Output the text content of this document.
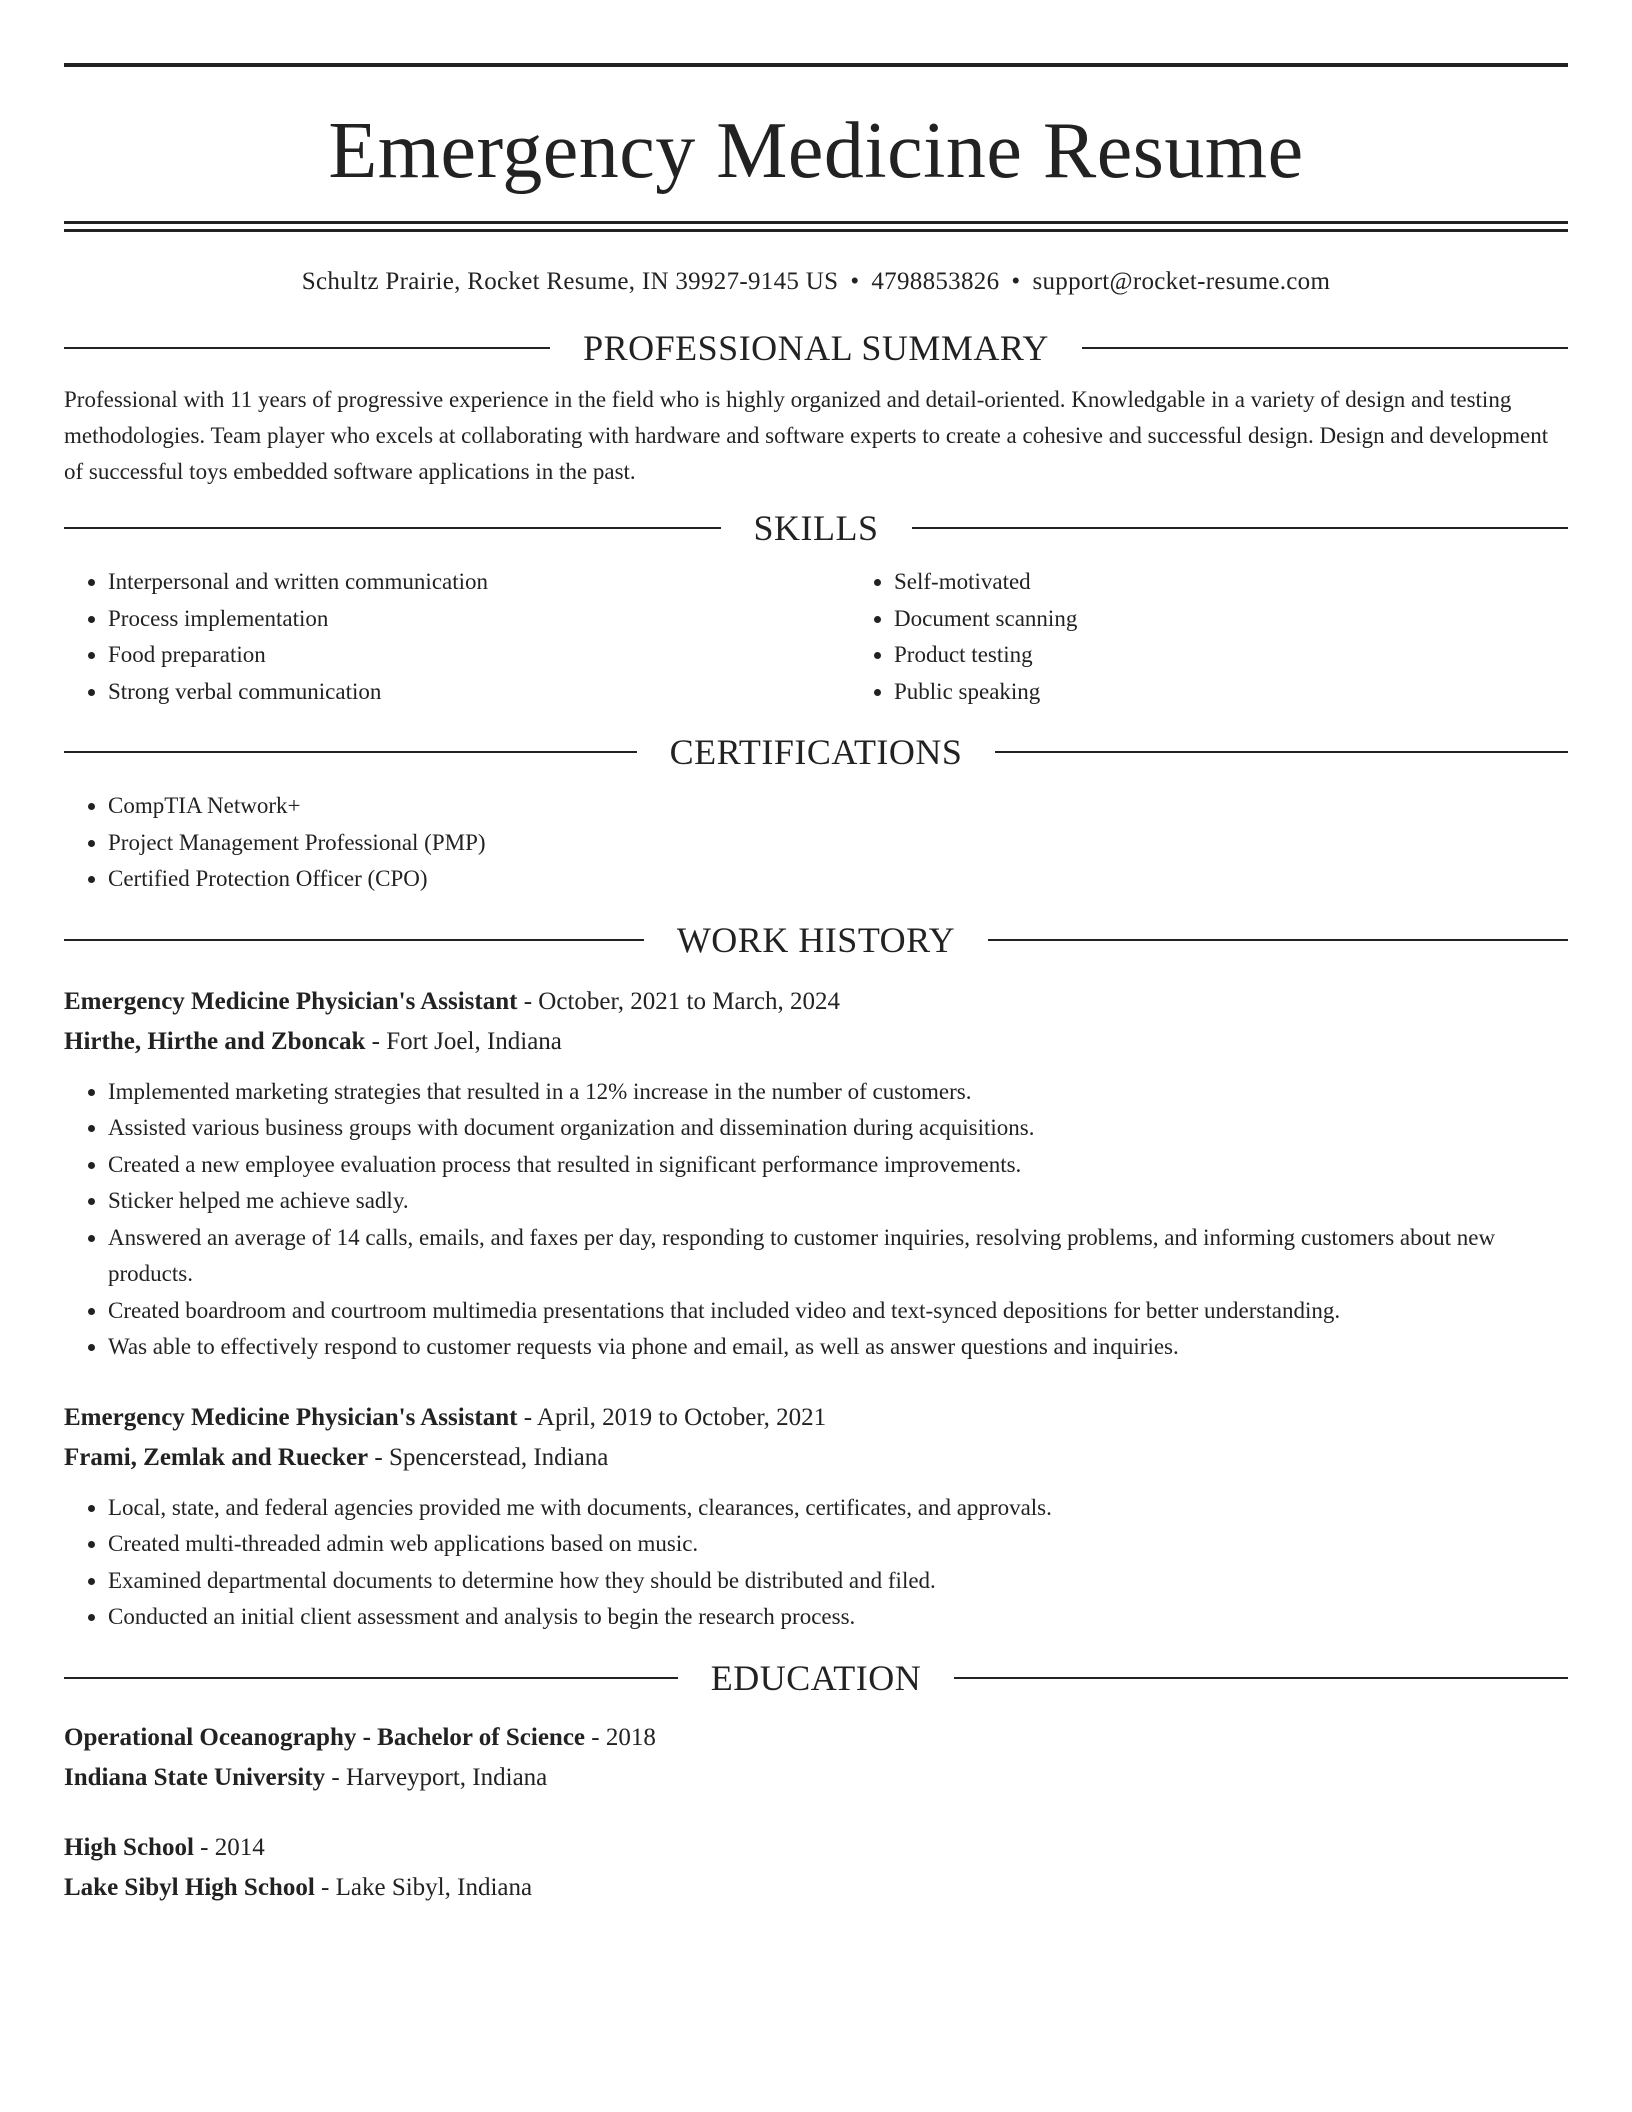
Emergency Medicine Resume
Schultz Prairie, Rocket Resume, IN 39927-9145 US • 4798853826 • support@rocket-resume.com
PROFESSIONAL SUMMARY

Professional with 11 years of progressive experience in the field who is highly organized and detail-oriented. Knowledgable in a variety of design and testing methodologies. Team player who excels at collaborating with hardware and software experts to create a cohesive and successful design. Design and development of successful toys embedded software applications in the past.

SKILLS
• Interpersonal and written communication
• Process implementation
• Food preparation
• Strong verbal communication
• Self-motivated
• Document scanning
• Product testing
• Public speaking
CERTIFICATIONS
• CompTIA Network+
• Project Management Professional (PMP)
• Certified Protection Officer (CPO)
WORK HISTORY

Emergency Medicine Physician's Assistant - October, 2021 to March, 2024

Hirthe, Hirthe and Zboncak - Fort Joel, Indiana

• Implemented marketing strategies that resulted in a 12% increase in the number of customers.
• Assisted various business groups with document organization and dissemination during acquisitions.
• Created a new employee evaluation process that resulted in significant performance improvements.
• Sticker helped me achieve sadly.
• Answered an average of 14 calls, emails, and faxes per day, responding to customer inquiries, resolving problems, and informing customers about new products.
• Created boardroom and courtroom multimedia presentations that included video and text-synced depositions for better understanding.
• Was able to effectively respond to customer requests via phone and email, as well as answer questions and inquiries.

Emergency Medicine Physician's Assistant - April, 2019 to October, 2021

Frami, Zemlak and Ruecker - Spencerstead, Indiana

• Local, state, and federal agencies provided me with documents, clearances, certificates, and approvals.
• Created multi-threaded admin web applications based on music.
• Examined departmental documents to determine how they should be distributed and filed.
• Conducted an initial client assessment and analysis to begin the research process.
EDUCATION

Operational Oceanography - Bachelor of Science - 2018

Indiana State University - Harveyport, Indiana

High School - 2014

Lake Sibyl High School - Lake Sibyl, Indiana
